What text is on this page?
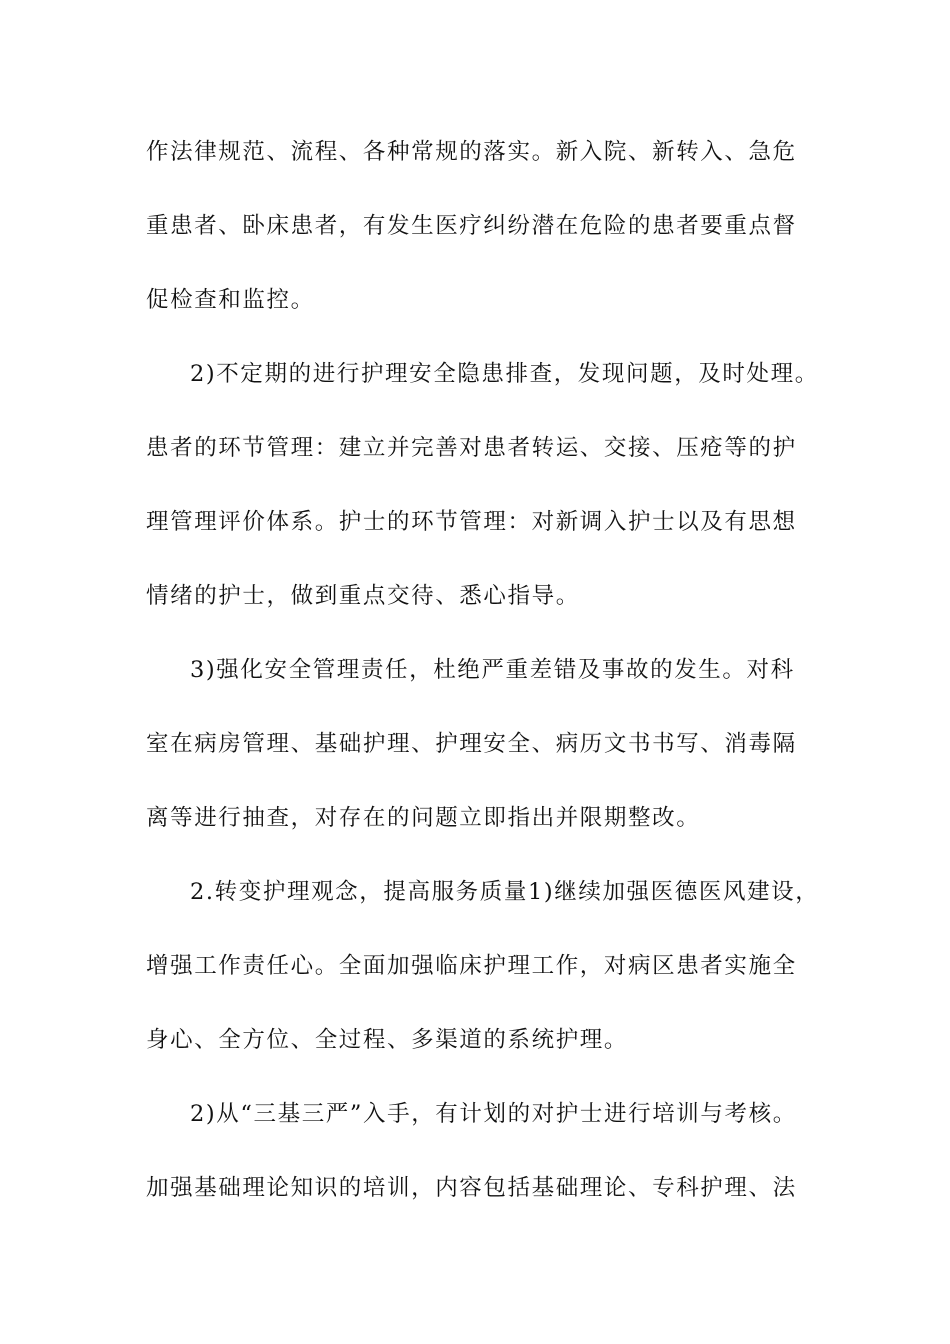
作法律规范、流程、各种常规的落实。新入院、新转入、急危
重患者、卧床患者，有发生医疗纠纷潜在危险的患者要重点督
促检查和监控。
2)不定期的进行护理安全隐患排查，发现问题，及时处理。
患者的环节管理：建立并完善对患者转运、交接、压疮等的护
理管理评价体系。护士的环节管理：对新调入护士以及有思想
情绪的护士，做到重点交待、悉心指导。
3)强化安全管理责任，杜绝严重差错及事故的发生。对科
室在病房管理、基础护理、护理安全、病历文书书写、消毒隔
离等进行抽查，对存在的问题立即指出并限期整改。
2.转变护理观念，提高服务质量1)继续加强医德医风建设，
增强工作责任心。全面加强临床护理工作，对病区患者实施全
身心、全方位、全过程、多渠道的系统护理。
2)从“三基三严”入手，有计划的对护士进行培训与考核。
加强基础理论知识的培训，内容包括基础理论、专科护理、法
